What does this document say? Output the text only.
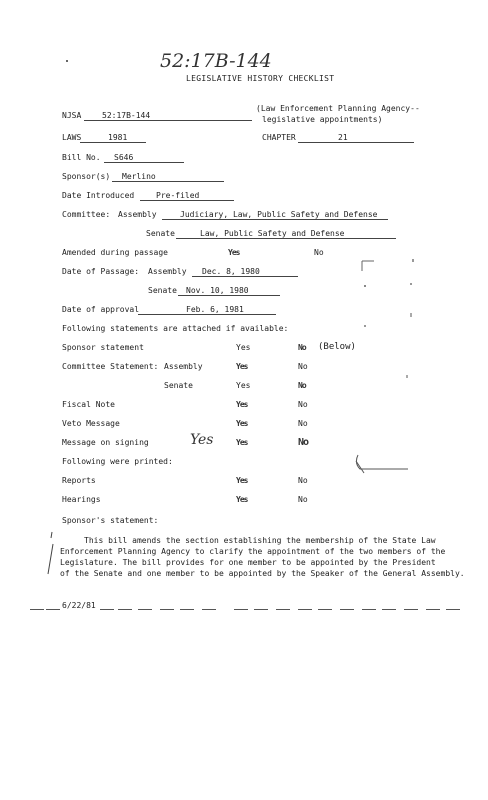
52:17B-144
LEGISLATIVE HISTORY CHECKLIST
NJSA	52:17B-144
(Law Enforcement Planning Agency--
legislative appointments)
LAWS	1981	CHAPTER	21
Bill No.	S646
Sponsor(s)	Merlino
Date Introduced	Pre-filed
Committee: Assembly	Judiciary, Law, Public Safety and Defense
Senate	Law, Public Safety and Defense
Amended during passage	Yes	No
Date of Passage: Assembly	Dec. 8, 1980
Senate	Nov. 10, 1980
Date of approval	Feb. 6, 1981
Following statements are attached if available:
Sponsor statement	Yes	No (Below)
Committee Statement: Assembly	Yes	No
Senate	Yes	No
Fiscal Note	Yes	No
Veto Message	Yes	No
Message on signing	Yes	Yes	No
Following were printed:
Reports	Yes	No
Hearings	Yes	No
Sponsor's statement:
This bill amends the section establishing the membership of the State Law
Enforcement Planning Agency to clarify the appointment of the two members of the
Legislature. The bill provides for one member to be appointed by the President
of the Senate and one member to be appointed by the Speaker of the General Assembly.
6/22/81
